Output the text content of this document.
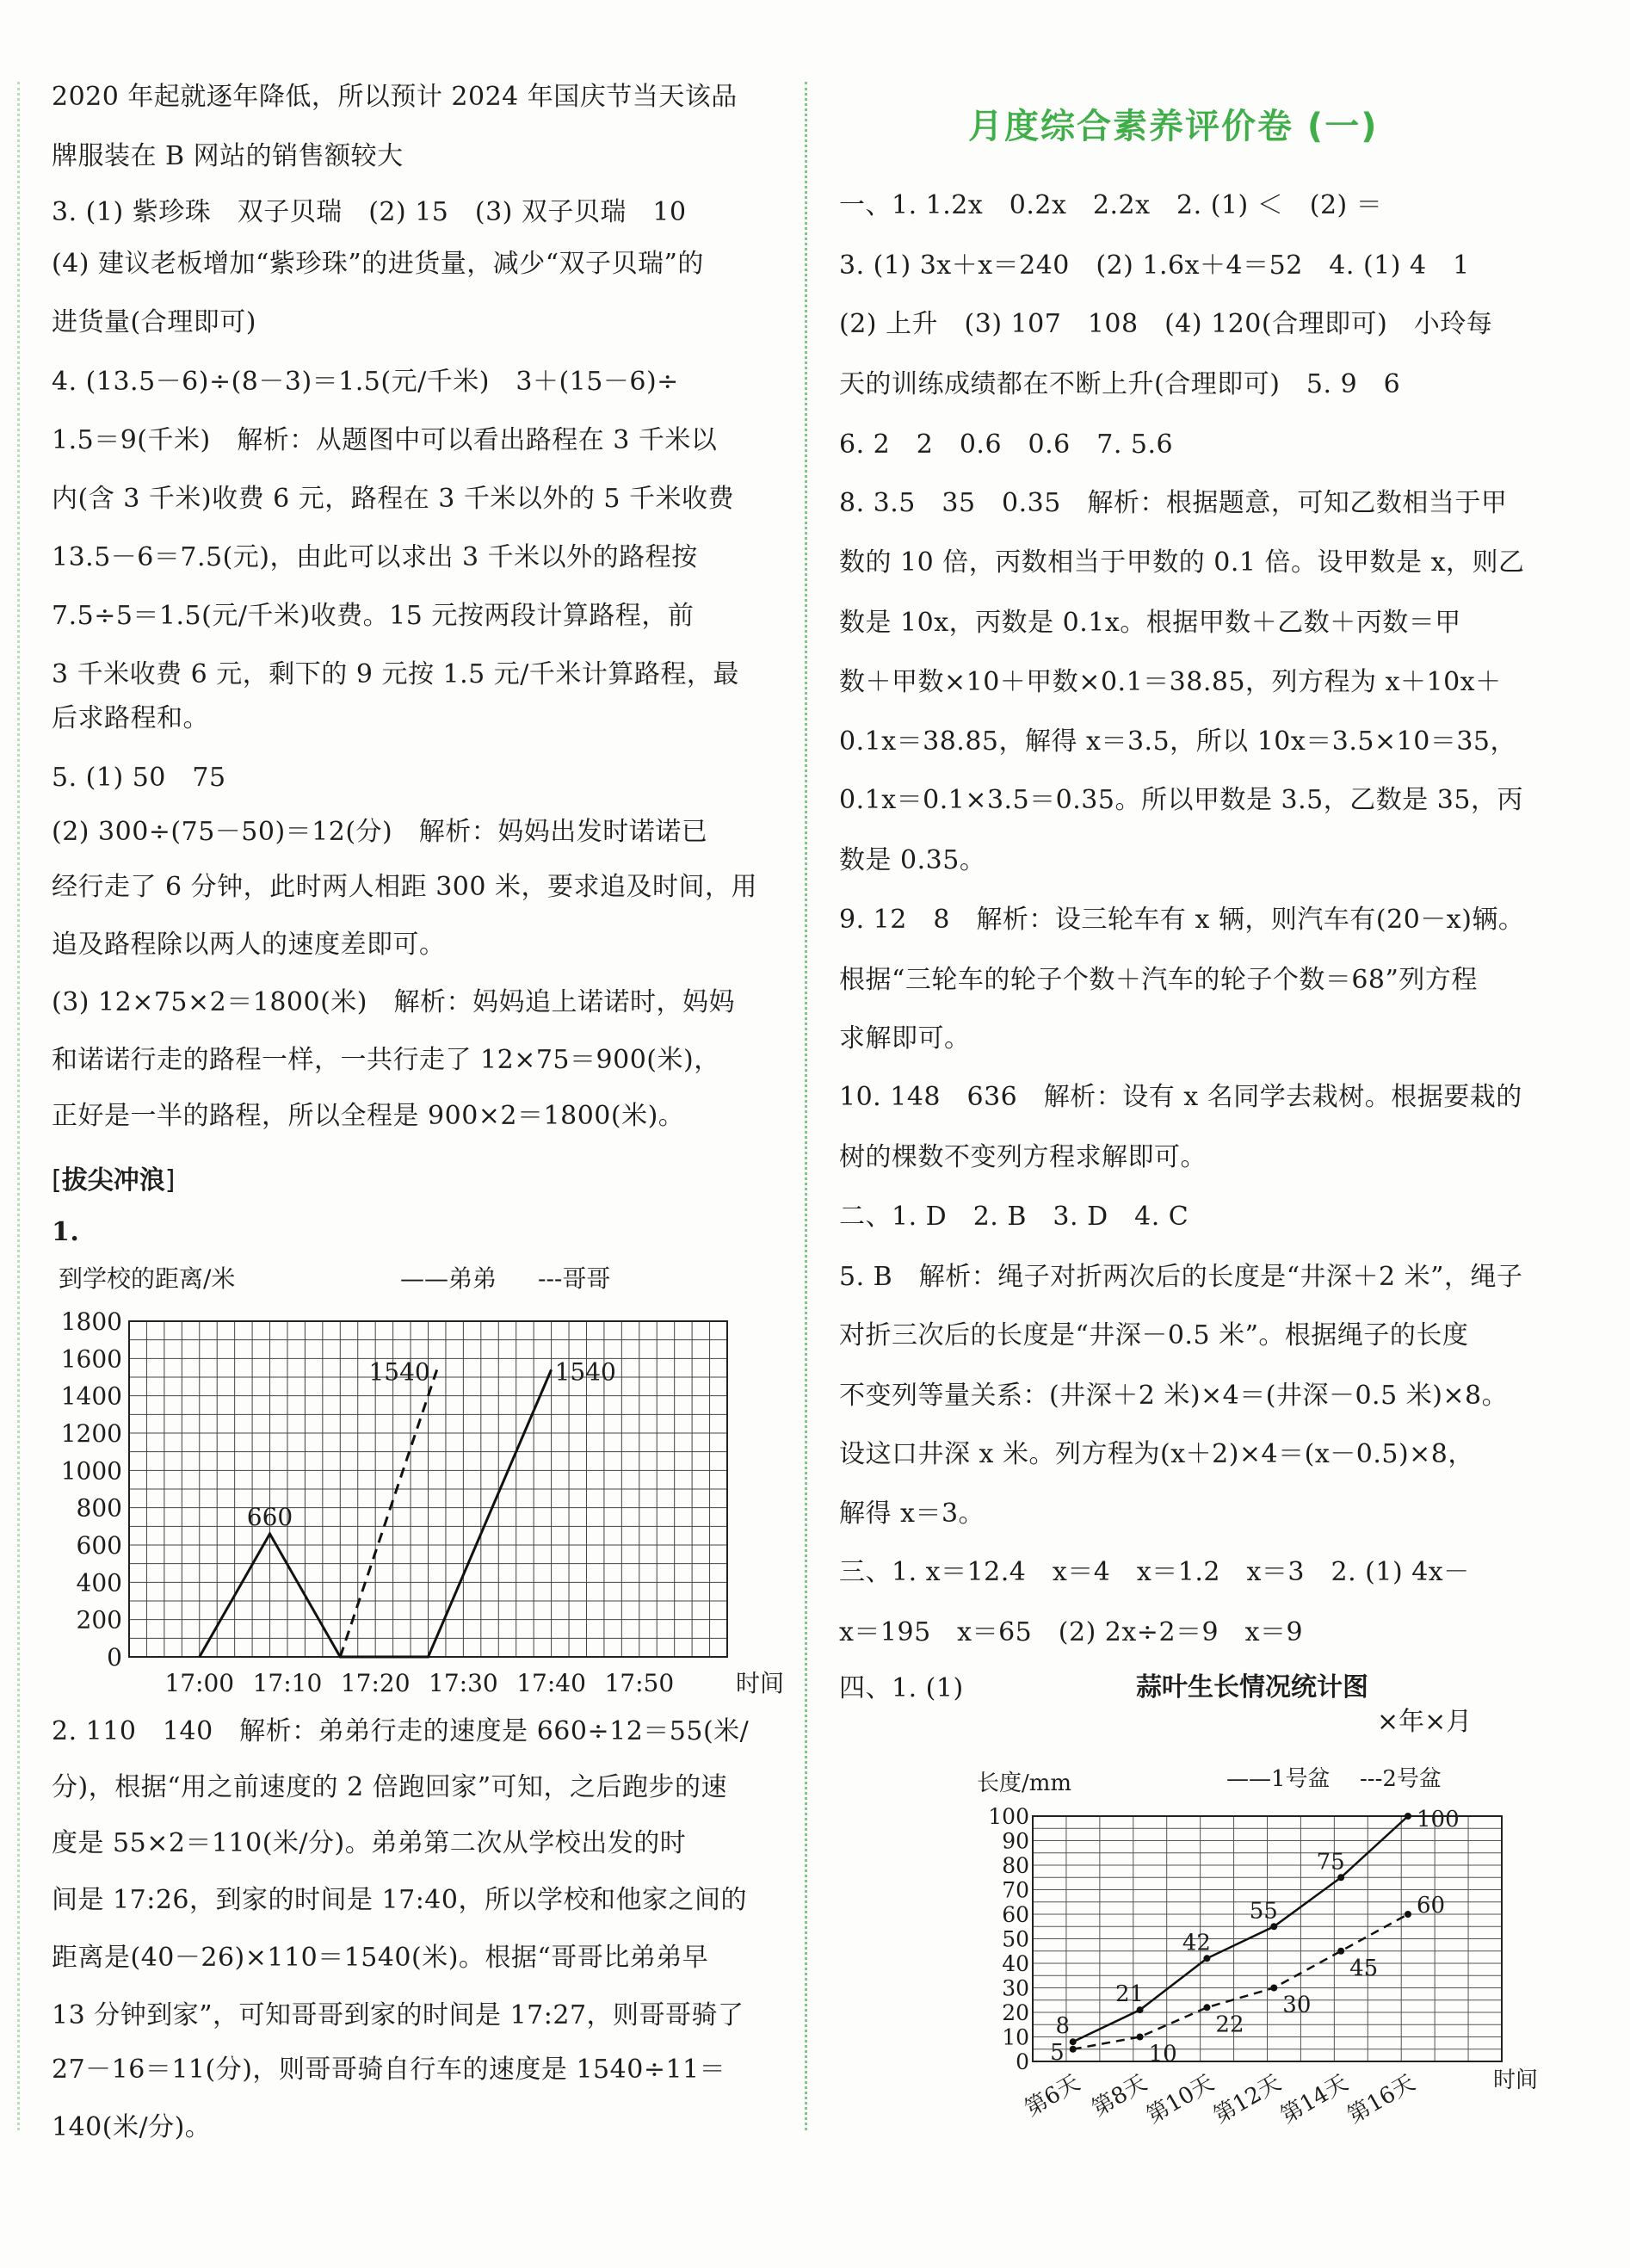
2020 年起就逐年降低，所以预计 2024 年国庆节当天该品
牌服装在 B 网站的销售额较大
3. (1) 紫珍珠　双子贝瑞　(2) 15　(3) 双子贝瑞　10
(4) 建议老板增加“紫珍珠”的进货量，减少“双子贝瑞”的
进货量(合理即可)
4. (13.5－6)÷(8－3)＝1.5(元/千米)　3＋(15－6)÷
1.5＝9(千米)　解析：从题图中可以看出路程在 3 千米以
内(含 3 千米)收费 6 元，路程在 3 千米以外的 5 千米收费
13.5－6＝7.5(元)，由此可以求出 3 千米以外的路程按
7.5÷5＝1.5(元/千米)收费。15 元按两段计算路程，前
3 千米收费 6 元，剩下的 9 元按 1.5 元/千米计算路程，最
后求路程和。
5. (1) 50　75
(2) 300÷(75－50)＝12(分)　解析：妈妈出发时诺诺已
经行走了 6 分钟，此时两人相距 300 米，要求追及时间，用
追及路程除以两人的速度差即可。
(3) 12×75×2＝1800(米)　解析：妈妈追上诺诺时，妈妈
和诺诺行走的路程一样，一共行走了 12×75＝900(米)，
正好是一半的路程，所以全程是 900×2＝1800(米)。
[拔尖冲浪]
1.
0
200
400
600
800
1000
1200
1400
1600
1800
17:00 17:10 17:20 17:30 17:40 17:50	时间
到学校的距离/米	——弟弟 ---哥哥
660
1540	1540
2. 110　140　解析：弟弟行走的速度是 660÷12＝55(米/
分)，根据“用之前速度的 2 倍跑回家”可知，之后跑步的速
度是 55×2＝110(米/分)。弟弟第二次从学校出发的时
间是 17:26，到家的时间是 17:40，所以学校和他家之间的
距离是(40－26)×110＝1540(米)。根据“哥哥比弟弟早
13 分钟到家”，可知哥哥到家的时间是 17:27，则哥哥骑了
27－16＝11(分)，则哥哥骑自行车的速度是 1540÷11＝
140(米/分)。
月度综合素养评价卷 (一)
一、1. 1.2x　0.2x　2.2x　2. (1) ＜　(2) ＝
3. (1) 3x＋x＝240　(2) 1.6x＋4＝52　4. (1) 4　1
(2) 上升　(3) 107　108　(4) 120(合理即可)　小玲每
天的训练成绩都在不断上升(合理即可)　5. 9　6
6. 2　2　0.6　0.6　7. 5.6
8. 3.5　35　0.35　解析：根据题意，可知乙数相当于甲
数的 10 倍，丙数相当于甲数的 0.1 倍。设甲数是 x，则乙
数是 10x，丙数是 0.1x。根据甲数＋乙数＋丙数＝甲
数＋甲数×10＋甲数×0.1＝38.85，列方程为 x＋10x＋
0.1x＝38.85，解得 x＝3.5，所以 10x＝3.5×10＝35，
0.1x＝0.1×3.5＝0.35。所以甲数是 3.5，乙数是 35，丙
数是 0.35。
9. 12　8　解析：设三轮车有 x 辆，则汽车有(20－x)辆。
根据“三轮车的轮子个数＋汽车的轮子个数＝68”列方程
求解即可。
10. 148　636　解析：设有 x 名同学去栽树。根据要栽的
树的棵数不变列方程求解即可。
二、1. D　2. B　3. D　4. C
5. B　解析：绳子对折两次后的长度是“井深＋2 米”，绳子
对折三次后的长度是“井深－0.5 米”。根据绳子的长度
不变列等量关系：(井深＋2 米)×4＝(井深－0.5 米)×8。
设这口井深 x 米。列方程为(x＋2)×4＝(x－0.5)×8，
解得 x＝3。
三、1. x＝12.4　x＝4　x＝1.2　x＝3　2. (1) 4x－
x＝195　x＝65　(2) 2x÷2＝9　x＝9
四、1. (1)	蒜叶生长情况统计图
×年×月
长度/mm	——1号盆 ---2号盆
0
10
20
30
40
50
60
70
80
90
100
第6天 第8天
第10天
第12天
第14天
第16天	时间
8
21
42
55
75
100
5	10
22
30
45
60
